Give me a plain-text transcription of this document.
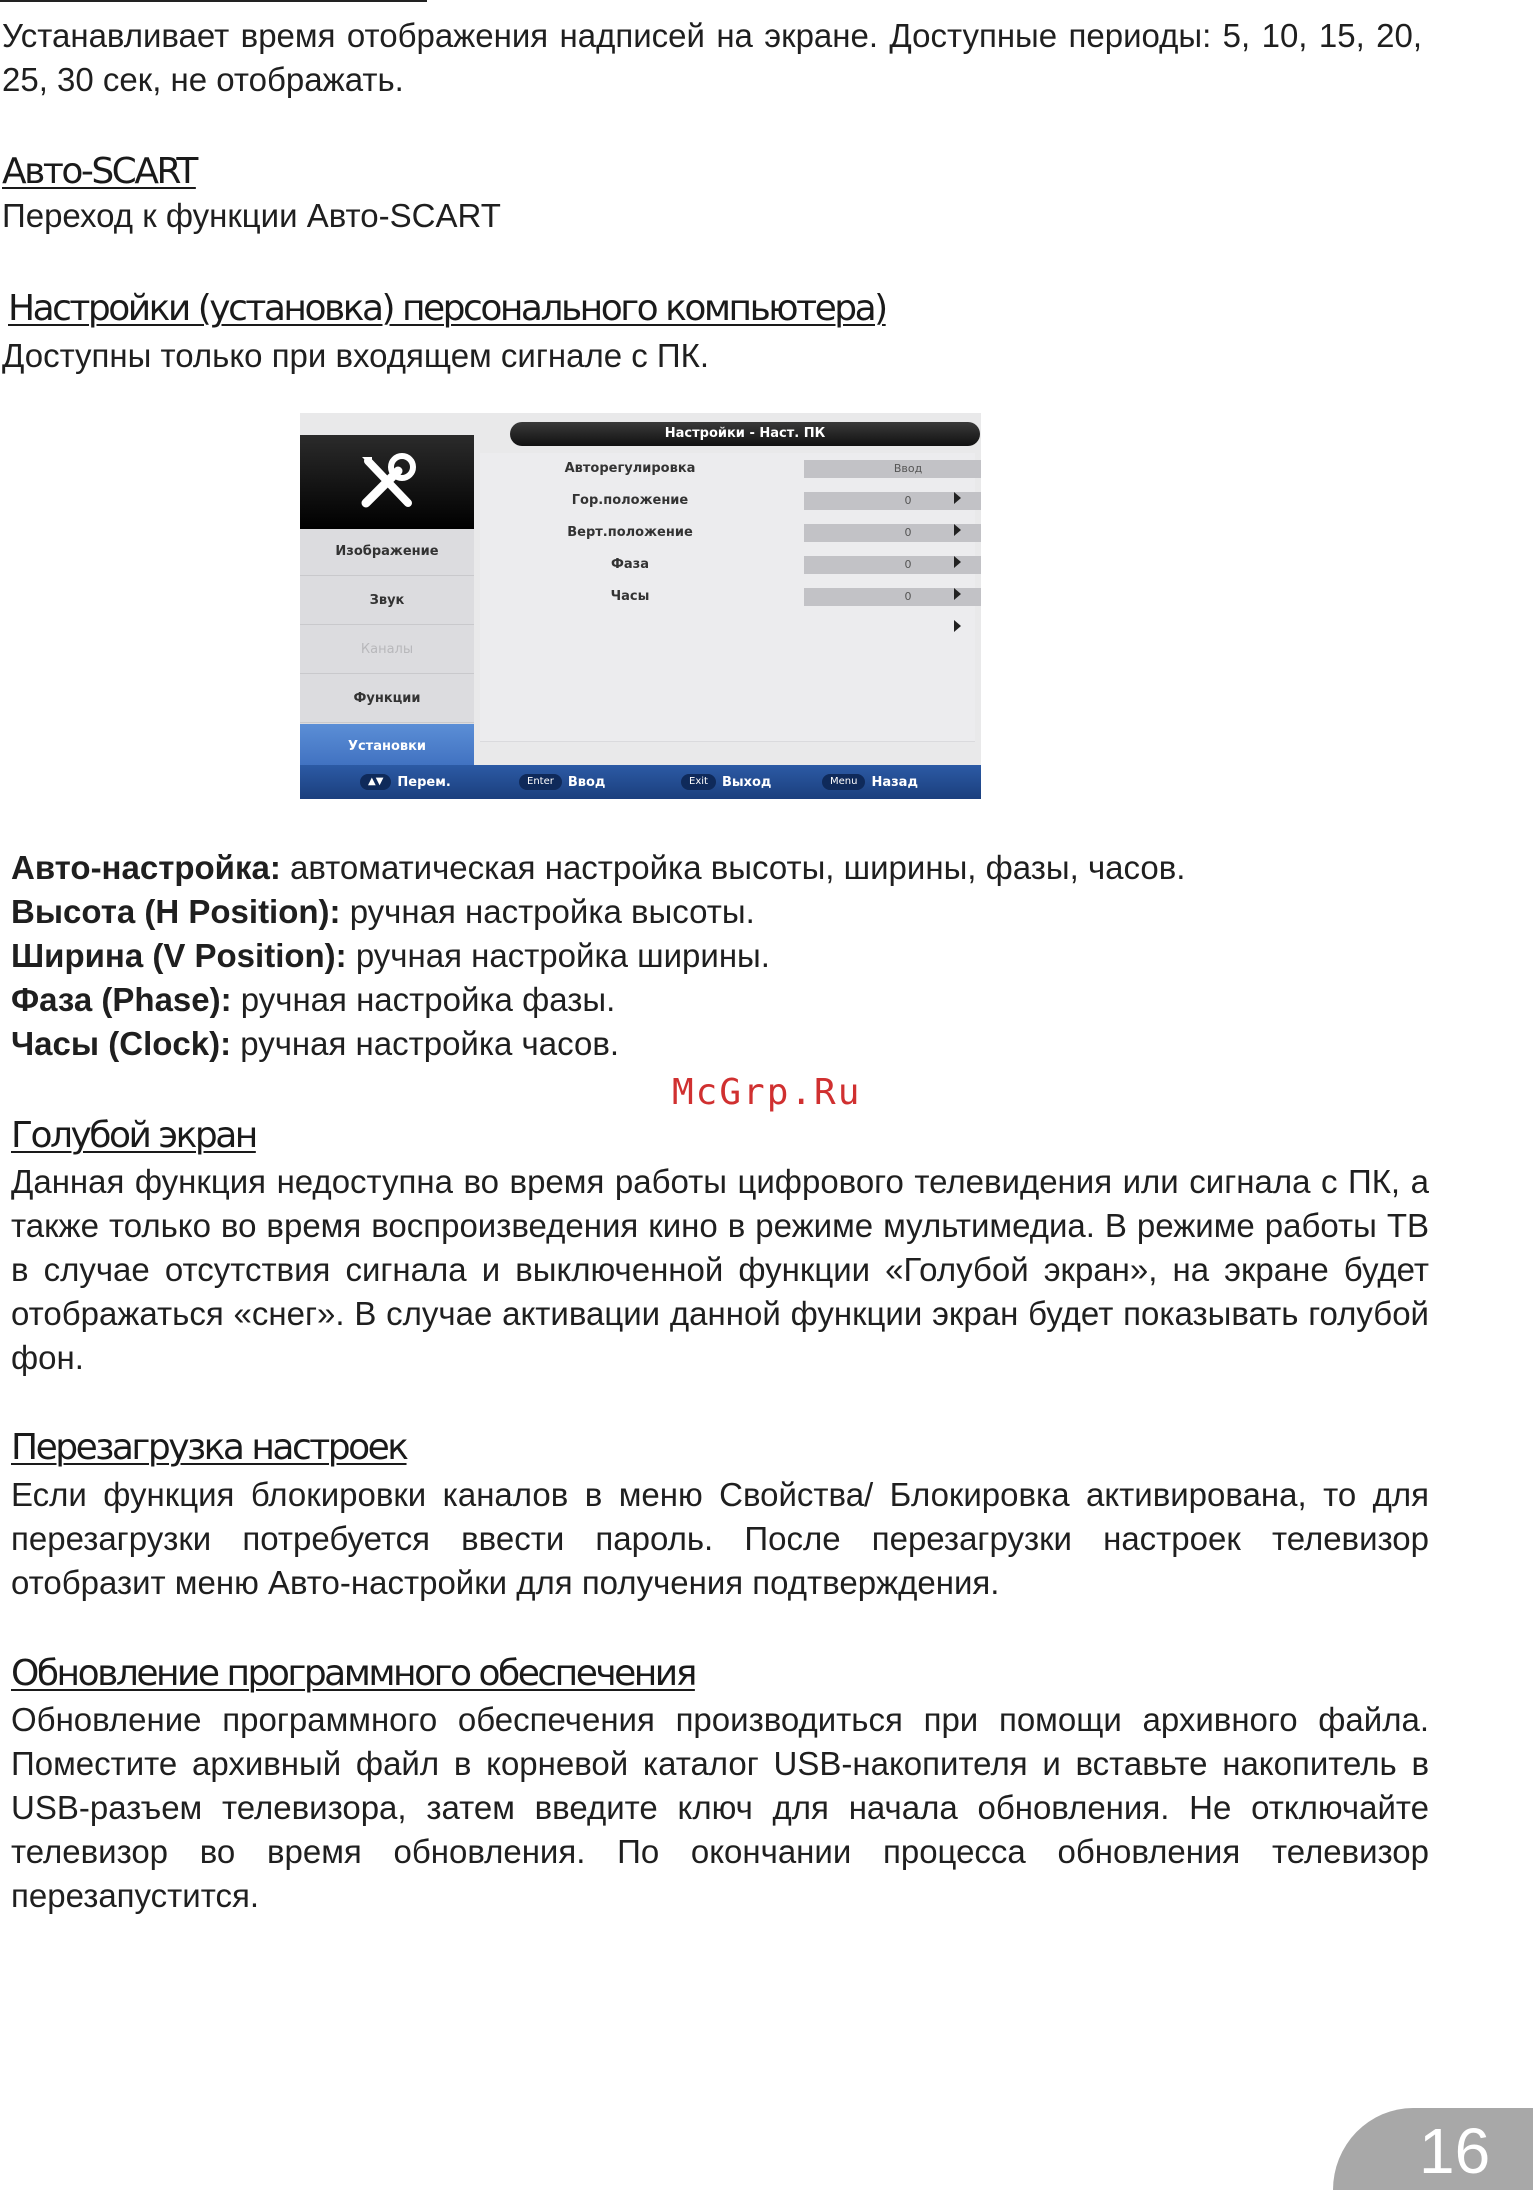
Устанавливает время отображения надписей на экране. Доступные периоды: 5, 10, 15, 20, 25, 30 сек, не отображать.

Авто-SCART

Переход к функции Авто-SCART

Настройки (установка) персонального компьютера)

Доступны только при входящем сигнале с ПК.

Настройки - Наст. ПК
Изображение
Звук
Каналы
Функции
Установки
Авторегулировка	Ввод
Гор.положение	0
Верт.положение	0
Фаза	0
Часы	0
▲▼	Перем.	Enter	Ввод	Exit	Выход	Menu	Назад
Авто-настройка: автоматическая настройка высоты, ширины, фазы, часов.
Высота (H Position): ручная настройка высоты.
Ширина (V Position): ручная настройка ширины.
Фаза (Phase): ручная настройка фазы.
Часы (Clock): ручная настройка часов.
McGrp.Ru
Голубой экран

Данная функция недоступна во время работы цифрового телевидения или сигнала с ПК, а также только во время воспроизведения кино в режиме мультимедиа. В режиме работы ТВ в случае отсутствия сигнала и выключенной функции «Голубой экран», на экране будет отображаться «снег». В случае активации данной функции экран будет показывать голубой фон.

Перезагрузка настроек

Если функция блокировки каналов в меню Свойства/ Блокировка активирована, то для перезагрузки потребуется ввести пароль. После перезагрузки настроек телевизор отобразит меню Авто-настройки для получения подтверждения.

Обновление программного обеспечения

Обновление программного обеспечения производиться при помощи архивного файла. Поместите архивный файл в корневой каталог USB-накопителя и вставьте накопитель в USB-разъем телевизора, затем введите ключ для начала обновления. Не отключайте телевизор во время обновления. По окончании процесса обновления телевизор перезапустится.

16
